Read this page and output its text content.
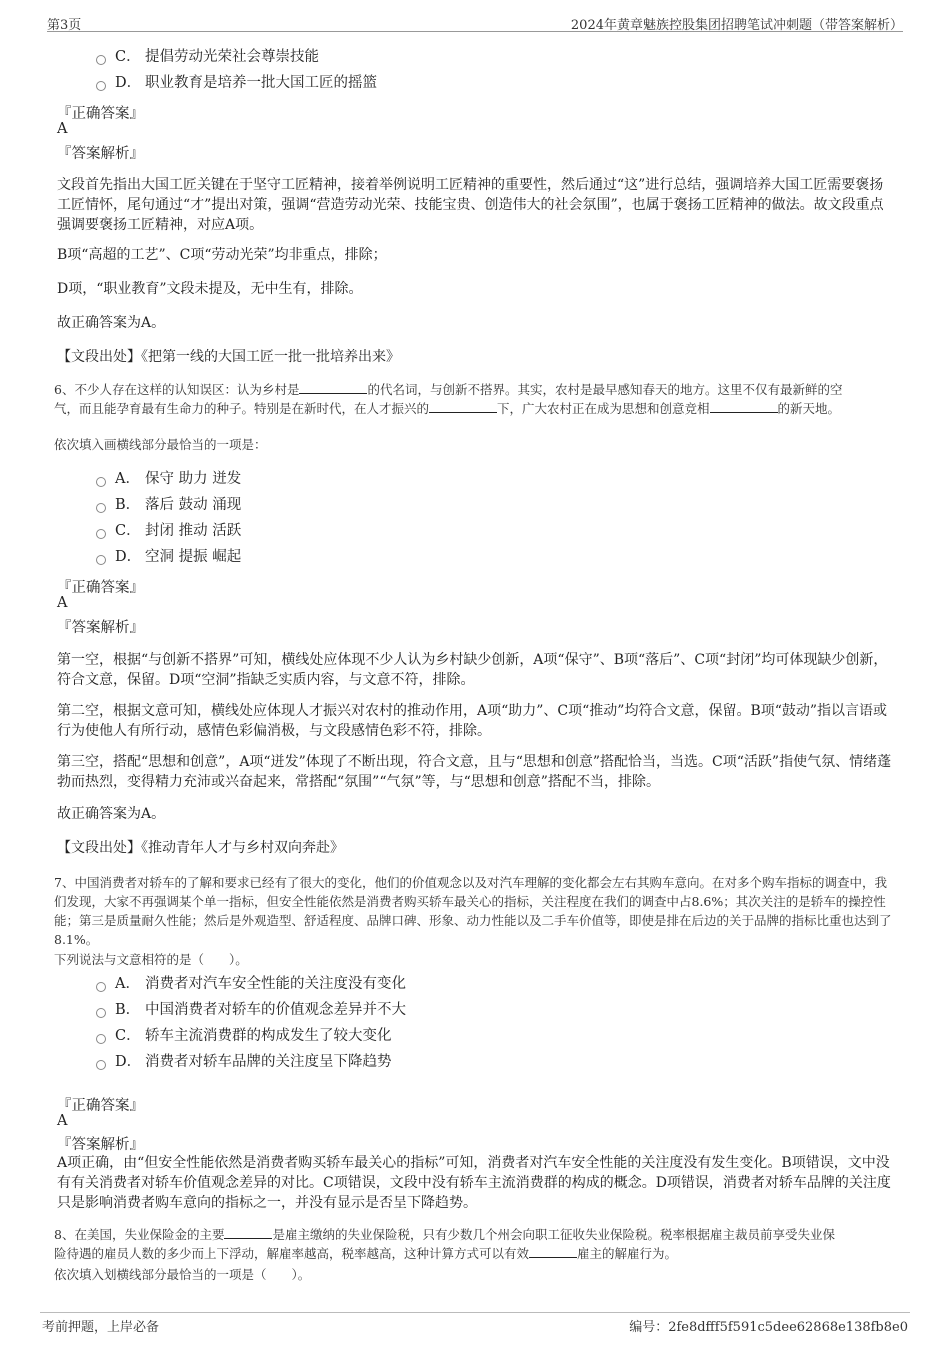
第3页	2024年黄章魅族控股集团招聘笔试冲刺题（带答案解析）
C． 提倡劳动光荣社会尊崇技能
D． 职业教育是培养一批大国工匠的摇篮
『正确答案』
A
『答案解析』
文段首先指出大国工匠关键在于坚守工匠精神，接着举例说明工匠精神的重要性，然后通过“这”进行总结，强调培养大国工匠需要褒扬工匠情怀，尾句通过“才”提出对策，强调“营造劳动光荣、技能宝贵、创造伟大的社会氛围”，也属于褒扬工匠精神的做法。故文段重点强调要褒扬工匠精神，对应A项。
B项“高超的工艺”、C项“劳动光荣”均非重点，排除；
D项，“职业教育”文段未提及，无中生有，排除。
故正确答案为A。
【文段出处】《把第一线的大国工匠一批一批培养出来》
6、不少人存在这样的认知误区：认为乡村是	的代名词，与创新不搭界。其实，农村是最早感知春天的地方。这里不仅有最新鲜的空
气，而且能孕育最有生命力的种子。特别是在新时代，在人才振兴的	下，广大农村正在成为思想和创意竞相	的新天地。
依次填入画横线部分最恰当的一项是：
A． 保守 助力 迸发
B． 落后 鼓动 涌现
C． 封闭 推动 活跃
D． 空洞 提振 崛起
『正确答案』
A
『答案解析』
第一空，根据“与创新不搭界”可知，横线处应体现不少人认为乡村缺少创新，A项“保守”、B项“落后”、C项“封闭”均可体现缺少创新，符合文意，保留。D项“空洞”指缺乏实质内容，与文意不符，排除。
第二空，根据文意可知，横线处应体现人才振兴对农村的推动作用，A项“助力”、C项“推动”均符合文意，保留。B项“鼓动”指以言语或行为使他人有所行动，感情色彩偏消极，与文段感情色彩不符，排除。
第三空，搭配“思想和创意”，A项“迸发”体现了不断出现，符合文意，且与“思想和创意”搭配恰当，当选。C项“活跃”指使气氛、情绪蓬勃而热烈，变得精力充沛或兴奋起来，常搭配“氛围”“气氛”等，与“思想和创意”搭配不当，排除。
故正确答案为A。
【文段出处】《推动青年人才与乡村双向奔赴》
7、中国消费者对轿车的了解和要求已经有了很大的变化，他们的价值观念以及对汽车理解的变化都会左右其购车意向。在对多个购车指标的调查中，我们发现，大家不再强调某个单一指标，但安全性能依然是消费者购买轿车最关心的指标，关注程度在我们的调查中占8.6%；其次关注的是轿车的操控性能；第三是质量耐久性能；然后是外观造型、舒适程度、品牌口碑、形象、动力性能以及二手车价值等，即使是排在后边的关于品牌的指标比重也达到了8.1%。
下列说法与文意相符的是（　　）。
A． 消费者对汽车安全性能的关注度没有变化
B． 中国消费者对轿车的价值观念差异并不大
C． 轿车主流消费群的构成发生了较大变化
D． 消费者对轿车品牌的关注度呈下降趋势
『正确答案』
A
『答案解析』
A项正确，由“但安全性能依然是消费者购买轿车最关心的指标”可知，消费者对汽车安全性能的关注度没有发生变化。B项错误，文中没有有关消费者对轿车价值观念差异的对比。C项错误，文段中没有轿车主流消费群的构成的概念。D项错误，消费者对轿车品牌的关注度只是影响消费者购车意向的指标之一，并没有显示是否呈下降趋势。
8、在美国，失业保险金的主要	是雇主缴纳的失业保险税，只有少数几个州会向职工征收失业保险税。税率根据雇主裁员前享受失业保
险待遇的雇员人数的多少而上下浮动，解雇率越高，税率越高，这种计算方式可以有效	雇主的解雇行为。
依次填入划横线部分最恰当的一项是（　　）。
考前押题，上岸必备	编号：2fe8dfff5f591c5dee62868e138fb8e0
